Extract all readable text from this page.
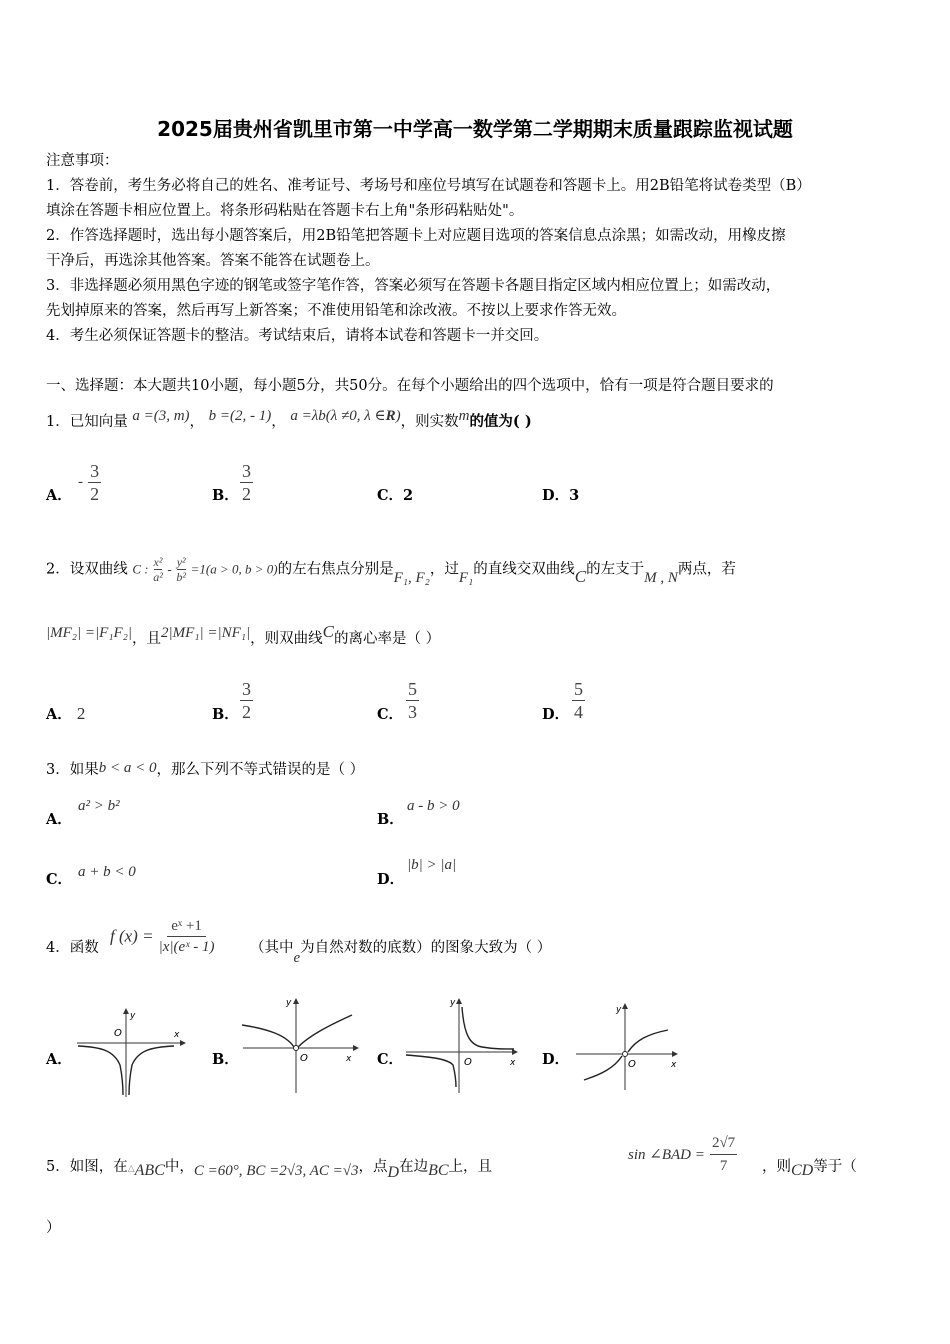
2025届贵州省凯里市第一中学高一数学第二学期期末质量跟踪监视试题
注意事项：
1．答卷前，考生务必将自己的姓名、准考证号、考场号和座位号填写在试题卷和答题卡上。用2B铅笔将试卷类型（B）
填涂在答题卡相应位置上。将条形码粘贴在答题卡右上角"条形码粘贴处"。
2．作答选择题时，选出每小题答案后，用2B铅笔把答题卡上对应题目选项的答案信息点涂黑；如需改动，用橡皮擦
干净后，再选涂其他答案。答案不能答在试题卷上。
3．非选择题必须用黑色字迹的钢笔或签字笔作答，答案必须写在答题卡各题目指定区域内相应位置上；如需改动，
先划掉原来的答案，然后再写上新答案；不准使用铅笔和涂改液。不按以上要求作答无效。
4．考生必须保证答题卡的整洁。考试结束后，请将本试卷和答题卡一并交回。
一、选择题：本大题共10小题，每小题5分，共50分。在每个小题给出的四个选项中，恰有一项是符合题目要求的
1．已知向量 a =(3, m)， b =(2, - 1)， a =λb(λ ≠0, λ ∈R)，则实数m的值为( )
A．
- $\frac{3}{2}$	B． $\frac{3}{2}$	C．2	D．3
2．设双曲线 C : $\frac{\text{x²}}{\text{a²}} - \frac{\text{y²}}{\text{b²}} =1(a > 0$, b > 0)的左右焦点分别是F₁, F₂，过F₁的直线交双曲线C的左支于M , N两点，若
|MF₂| =|F₁F₂|，且2|MF₁| =|NF₁|，则双曲线C的离心率是（ ）
A． 2	B． $\frac{3}{2}$	C． $\frac{5}{3}$	D． $\frac{5}{4}$
3．如果b < a < 0，那么下列不等式错误的是（ ）
A．
a² > b²
B．
a - b > 0
C． a + b < 0	D．
|b| > |a|
4．函数
f $(x) = \frac{\text{eˣ +1}}{\text{|x|(eˣ - 1)}}$ （其中e为自然对数的底数）的图象大致为（ ）
A．
O	x
y
B．	O	x
y
C．	O	x
y
D．	O	x
y
5．如图，在△ABC中，C =60°, BC =2√3, AC =√3，点D在边BC上，且
sin ∠BAD = $\frac{2√7}{7}$ ，则CD等于（
）
